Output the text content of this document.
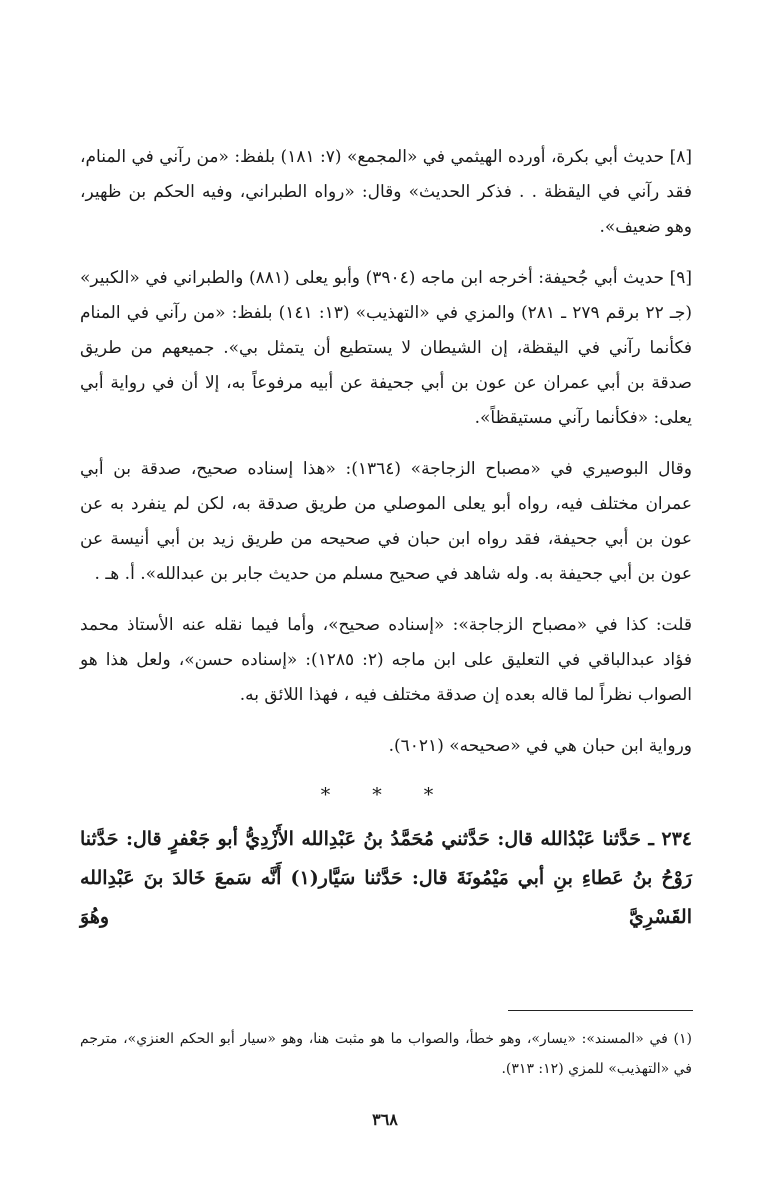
[٨] حديث أبي بكرة، أورده الهيثمي في «المجمع» (٧: ١٨١) بلفظ: «من رآني في المنام، فقد رآني في اليقظة . . فذكر الحديث» وقال: «رواه الطبراني، وفيه الحكم بن ظهير، وهو ضعيف».

[٩] حديث أبي جُحيفة: أخرجه ابن ماجه (٣٩٠٤) وأبو يعلى (٨٨١) والطبراني في «الكبير» (جـ ٢٢ برقم ٢٧٩ ـ ٢٨١) والمزي في «التهذيب» (١٣: ١٤١) بلفظ: «من رآني في المنام فكأنما رآني في اليقظة، إن الشيطان لا يستطيع أن يتمثل بي». جميعهم من طريق صدقة بن أبي عمران عن عون بن أبي جحيفة عن أبيه مرفوعاً به، إلا أن في رواية أبي يعلى: «فكأنما رآني مستيقظاً».

وقال البوصيري في «مصباح الزجاجة» (١٣٦٤): «هذا إسناده صحيح، صدقة بن أبي عمران مختلف فيه، رواه أبو يعلى الموصلي من طريق صدقة به، لكن لم ينفرد به عن عون بن أبي جحيفة، فقد رواه ابن حبان في صحيحه من طريق زيد بن أبي أنيسة عن عون بن أبي جحيفة به. وله شاهد في صحيح مسلم من حديث جابر بن عبدالله». أ. هـ .

قلت: كذا في «مصباح الزجاجة»: «إسناده صحيح»، وأما فيما نقله عنه الأستاذ محمد فؤاد عبدالباقي في التعليق على ابن ماجه (٢: ١٢٨٥): «إسناده حسن»، ولعل هذا هو الصواب نظراً لما قاله بعده إن صدقة مختلف فيه ، فهذا اللائق به.

ورواية ابن حبان هي في «صحيحه» (٦٠٢١).

* * *

٢٣٤ ـ حَدَّثنا عَبْدُالله قال: حَدَّثني مُحَمَّدُ بنُ عَبْدِالله الأَزْدِيُّ أبو جَعْفرٍ قال: حَدَّثنا رَوْحُ بنُ عَطاءِ بنِ أبي مَيْمُونَةَ قال: حَدَّثنا سَيَّار(١) أَنَّه سَمعَ خَالدَ بنَ عَبْدِالله القَسْرِيَّ وهُوَ

(١) في «المسند»: «يسار»، وهو خطأ، والصواب ما هو مثبت هنا، وهو «سيار أبو الحكم العنزي»، مترجم في «التهذيب» للمزي (١٢: ٣١٣).
٣٦٨
